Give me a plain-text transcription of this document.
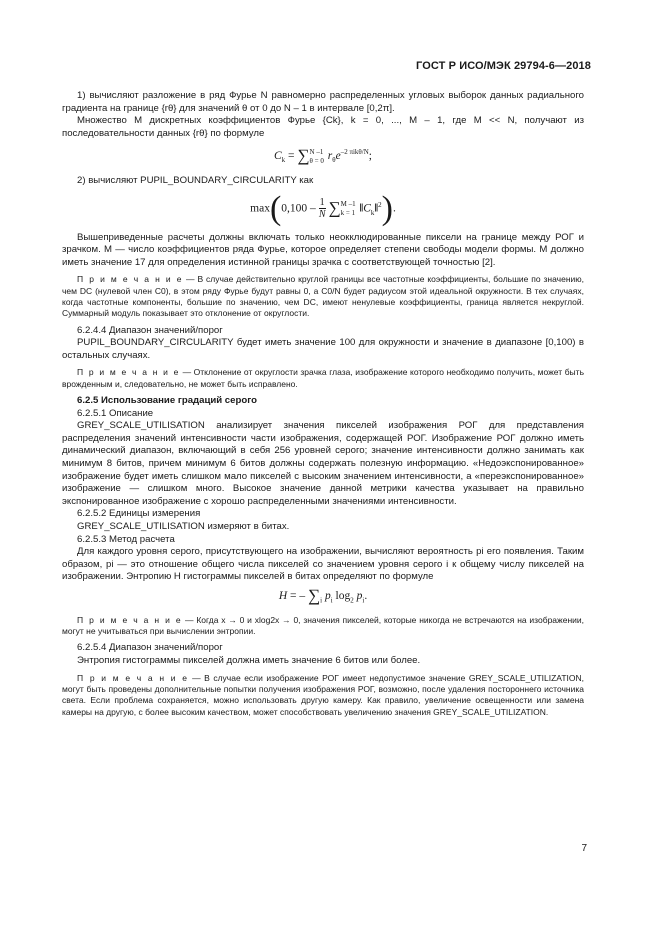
ГОСТ Р ИСО/МЭК 29794-6—2018

1) вычисляют разложение в ряд Фурье N равномерно распределенных угловых выборок данных радиального градиента на границе {rθ} для значений θ от 0 до N – 1 в интервале [0,2π].

Множество M дискретных коэффициентов Фурье {Ck}, k = 0, ..., M – 1, где M << N, получают из последовательности данных {rθ} по формуле

$C_k$ = ∑ N –1
θ = 0 $r_\theta e^{-2 \pi ik\theta/N}$;

2) вычисляют PUPIL_BOUNDARY_CIRCULARITY как

$\max(0,100 - \frac{1}{N}$ ∑ M –1
k = 1 $‖C_k‖^2$).

Вышеприведенные расчеты должны включать только неокклюдированные пиксели на границе между РОГ и зрачком. M — число коэффициентов ряда Фурье, которое определяет степени свободы модели формы. M должно иметь значение 17 для определения истинной границы зрачка с соответствующей точностью [2].

П р и м е ч а н и е — В случае действительно круглой границы все частотные коэффициенты, большие по значению, чем DC (нулевой член C0), в этом ряду Фурье будут равны 0, а C0/N будет радиусом этой идеальной окружности. В тех случаях, когда частотные компоненты, большие по значению, чем DC, имеют ненулевые коэффициенты, граница является некруглой. Суммарный модуль показывает это отклонение от округлости.

6.2.4.4 Диапазон значений/порог

PUPIL_BOUNDARY_CIRCULARITY будет иметь значение 100 для окружности и значение в диапазоне [0,100) в остальных случаях.

П р и м е ч а н и е — Отклонение от округлости зрачка глаза, изображение которого необходимо получить, может быть врожденным и, следовательно, не может быть исправлено.

6.2.5 Использование градаций серого

6.2.5.1 Описание

GREY_SCALE_UTILISATION анализирует значения пикселей изображения РОГ для представления распределения значений интенсивности части изображения, содержащей РОГ. Изображение РОГ должно иметь динамический диапазон, включающий в себя 256 уровней серого; значение интенсивности должно занимать как минимум 8 битов, причем минимум 6 битов должны содержать полезную информацию. «Недоэкспонированное» изображение будет иметь слишком мало пикселей с высоким значением интенсивности, а «переэкспонированное» изображение — слишком много. Высокое значение данной метрики качества указывает на правильно экспонированное изображение с хорошо распределенными значениями интенсивности.

6.2.5.2 Единицы измерения

GREY_SCALE_UTILISATION измеряют в битах.

6.2.5.3 Метод расчета

Для каждого уровня серого, присутствующего на изображении, вычисляют вероятность pi его появления. Таким образом, pi — это отношение общего числа пикселей со значением уровня серого i к общему числу пикселей на изображении. Энтропию H гистограммы пикселей в битах определяют по формуле

H = – $\sum_i$ $p_i$ $\log_2 p_i$.

П р и м е ч а н и е — Когда x → 0 и xlog2x → 0, значения пикселей, которые никогда не встречаются на изображении, могут не учитываться при вычислении энтропии.

6.2.5.4 Диапазон значений/порог

Энтропия гистограммы пикселей должна иметь значение 6 битов или более.

П р и м е ч а н и е — В случае если изображение РОГ имеет недопустимое значение GREY_SCALE_UTILIZATION, могут быть проведены дополнительные попытки получения изображения РОГ, возможно, после удаления постороннего источника света. Если проблема сохраняется, можно использовать другую камеру. Как правило, увеличение освещенности или замена камеры на другую, с более высоким качеством, может способствовать увеличению значения GREY_SCALE_UTILIZATION.

7
